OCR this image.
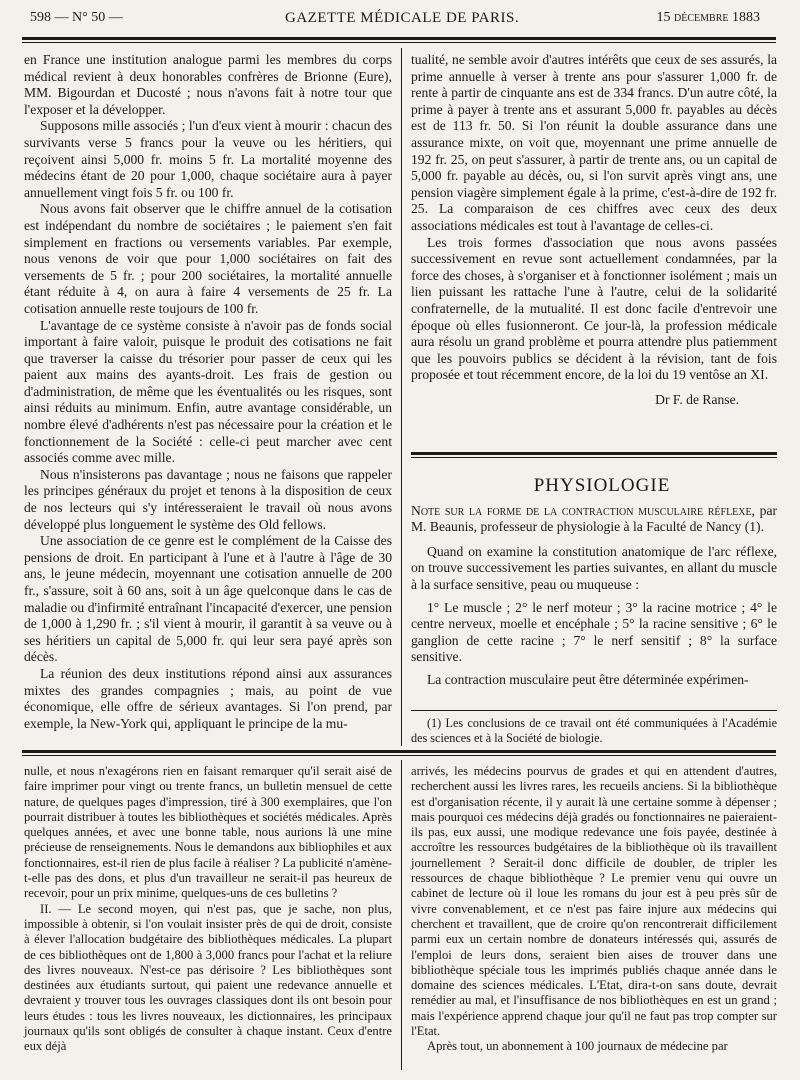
598 — N° 50 —	GAZETTE MÉDICALE DE PARIS.	15 décembre 1883

en France une institution analogue parmi les membres du corps médical revient à deux honorables confrères de Brionne (Eure), MM. Bigourdan et Ducosté ; nous n'avons fait à notre tour que l'exposer et la développer.

Supposons mille associés ; l'un d'eux vient à mourir : chacun des survivants verse 5 francs pour la veuve ou les héritiers, qui reçoivent ainsi 5,000 fr. moins 5 fr. La mortalité moyenne des médecins étant de 20 pour 1,000, chaque sociétaire aura à payer annuellement vingt fois 5 fr. ou 100 fr.

Nous avons fait observer que le chiffre annuel de la cotisation est indépendant du nombre de sociétaires ; le paiement s'en fait simplement en fractions ou versements variables. Par exemple, nous venons de voir que pour 1,000 sociétaires on fait des versements de 5 fr. ; pour 200 sociétaires, la mortalité annuelle étant réduite à 4, on aura à faire 4 versements de 25 fr. La cotisation annuelle reste toujours de 100 fr.

L'avantage de ce système consiste à n'avoir pas de fonds social important à faire valoir, puisque le produit des cotisations ne fait que traverser la caisse du trésorier pour passer de ceux qui les paient aux mains des ayants-droit. Les frais de gestion ou d'administration, de même que les éventualités ou les risques, sont ainsi réduits au minimum. Enfin, autre avantage considérable, un nombre élevé d'adhérents n'est pas nécessaire pour la création et le fonctionnement de la Société : celle-ci peut marcher avec cent associés comme avec mille.

Nous n'insisterons pas davantage ; nous ne faisons que rappeler les principes généraux du projet et tenons à la disposition de ceux de nos lecteurs qui s'y intéresseraient le travail où nous avons développé plus longuement le système des Old fellows.

Une association de ce genre est le complément de la Caisse des pensions de droit. En participant à l'une et à l'autre à l'âge de 30 ans, le jeune médecin, moyennant une cotisation annuelle de 200 fr., s'assure, soit à 60 ans, soit à un âge quelconque dans le cas de maladie ou d'infirmité entraînant l'incapacité d'exercer, une pension de 1,000 à 1,290 fr. ; s'il vient à mourir, il garantit à sa veuve ou à ses héritiers un capital de 5,000 fr. qui leur sera payé après son décès.

La réunion des deux institutions répond ainsi aux assurances mixtes des grandes compagnies ; mais, au point de vue économique, elle offre de sérieux avantages. Si l'on prend, par exemple, la New-York qui, appliquant le principe de la mu-

tualité, ne semble avoir d'autres intérêts que ceux de ses assurés, la prime annuelle à verser à trente ans pour s'assurer 1,000 fr. de rente à partir de cinquante ans est de 334 francs. D'un autre côté, la prime à payer à trente ans et assurant 5,000 fr. payables au décès est de 113 fr. 50. Si l'on réunit la double assurance dans une assurance mixte, on voit que, moyennant une prime annuelle de 192 fr. 25, on peut s'assurer, à partir de trente ans, ou un capital de 5,000 fr. payable au décès, ou, si l'on survit après vingt ans, une pension viagère simplement égale à la prime, c'est-à-dire de 192 fr. 25. La comparaison de ces chiffres avec ceux des deux associations médicales est tout à l'avantage de celles-ci.

Les trois formes d'association que nous avons passées successivement en revue sont actuellement condamnées, par la force des choses, à s'organiser et à fonctionner isolément ; mais un lien puissant les rattache l'une à l'autre, celui de la solidarité confraternelle, de la mutualité. Il est donc facile d'entrevoir une époque où elles fusionneront. Ce jour-là, la profession médicale aura résolu un grand problème et pourra attendre plus patiemment que les pouvoirs publics se décident à la révision, tant de fois proposée et tout récemment encore, de la loi du 19 ventôse an XI.

Dr F. de Ranse.

PHYSIOLOGIE

Note sur la forme de la contraction musculaire réflexe, par M. Beaunis, professeur de physiologie à la Faculté de Nancy (1).

Quand on examine la constitution anatomique de l'arc réflexe, on trouve successivement les parties suivantes, en allant du muscle à la surface sensitive, peau ou muqueuse :

1° Le muscle ; 2° le nerf moteur ; 3° la racine motrice ; 4° le centre nerveux, moelle et encéphale ; 5° la racine sensitive ; 6° le ganglion de cette racine ; 7° le nerf sensitif ; 8° la surface sensitive.

La contraction musculaire peut être déterminée expérimen-

(1) Les conclusions de ce travail ont été communiquées à l'Académie des sciences et à la Société de biologie.

nulle, et nous n'exagérons rien en faisant remarquer qu'il serait aisé de faire imprimer pour vingt ou trente francs, un bulletin mensuel de cette nature, de quelques pages d'impression, tiré à 300 exemplaires, que l'on pourrait distribuer à toutes les bibliothèques et sociétés médicales. Après quelques années, et avec une bonne table, nous aurions là une mine précieuse de renseignements. Nous le demandons aux bibliophiles et aux fonctionnaires, est-il rien de plus facile à réaliser ? La publicité n'amène-t-elle pas des dons, et plus d'un travailleur ne serait-il pas heureux de recevoir, pour un prix minime, quelques-uns de ces bulletins ?

II. — Le second moyen, qui n'est pas, que je sache, non plus, impossible à obtenir, si l'on voulait insister près de qui de droit, consiste à élever l'allocation budgétaire des bibliothèques médicales. La plupart de ces bibliothèques ont de 1,800 à 3,000 francs pour l'achat et la reliure des livres nouveaux. N'est-ce pas dérisoire ? Les bibliothèques sont destinées aux étudiants surtout, qui paient une redevance annuelle et devraient y trouver tous les ouvrages classiques dont ils ont besoin pour leurs études : tous les livres nouveaux, les dictionnaires, les principaux journaux qu'ils sont obligés de consulter à chaque instant. Ceux d'entre eux déjà

arrivés, les médecins pourvus de grades et qui en attendent d'autres, recherchent aussi les livres rares, les recueils anciens. Si la bibliothèque est d'organisation récente, il y aurait là une certaine somme à dépenser ; mais pourquoi ces médecins déjà gradés ou fonctionnaires ne paieraient-ils pas, eux aussi, une modique redevance une fois payée, destinée à accroître les ressources budgétaires de la bibliothèque où ils travaillent journellement ? Serait-il donc difficile de doubler, de tripler les ressources de chaque bibliothèque ? Le premier venu qui ouvre un cabinet de lecture où il loue les romans du jour est à peu près sûr de vivre convenablement, et ce n'est pas faire injure aux médecins qui cherchent et travaillent, que de croire qu'on rencontrerait difficilement parmi eux un certain nombre de donateurs intéressés qui, assurés de l'emploi de leurs dons, seraient bien aises de trouver dans une bibliothèque spéciale tous les imprimés publiés chaque année dans le domaine des sciences médicales. L'Etat, dira-t-on sans doute, devrait remédier au mal, et l'insuffisance de nos bibliothèques en est un grand ; mais l'expérience apprend chaque jour qu'il ne faut pas trop compter sur l'Etat.

Après tout, un abonnement à 100 journaux de médecine par
